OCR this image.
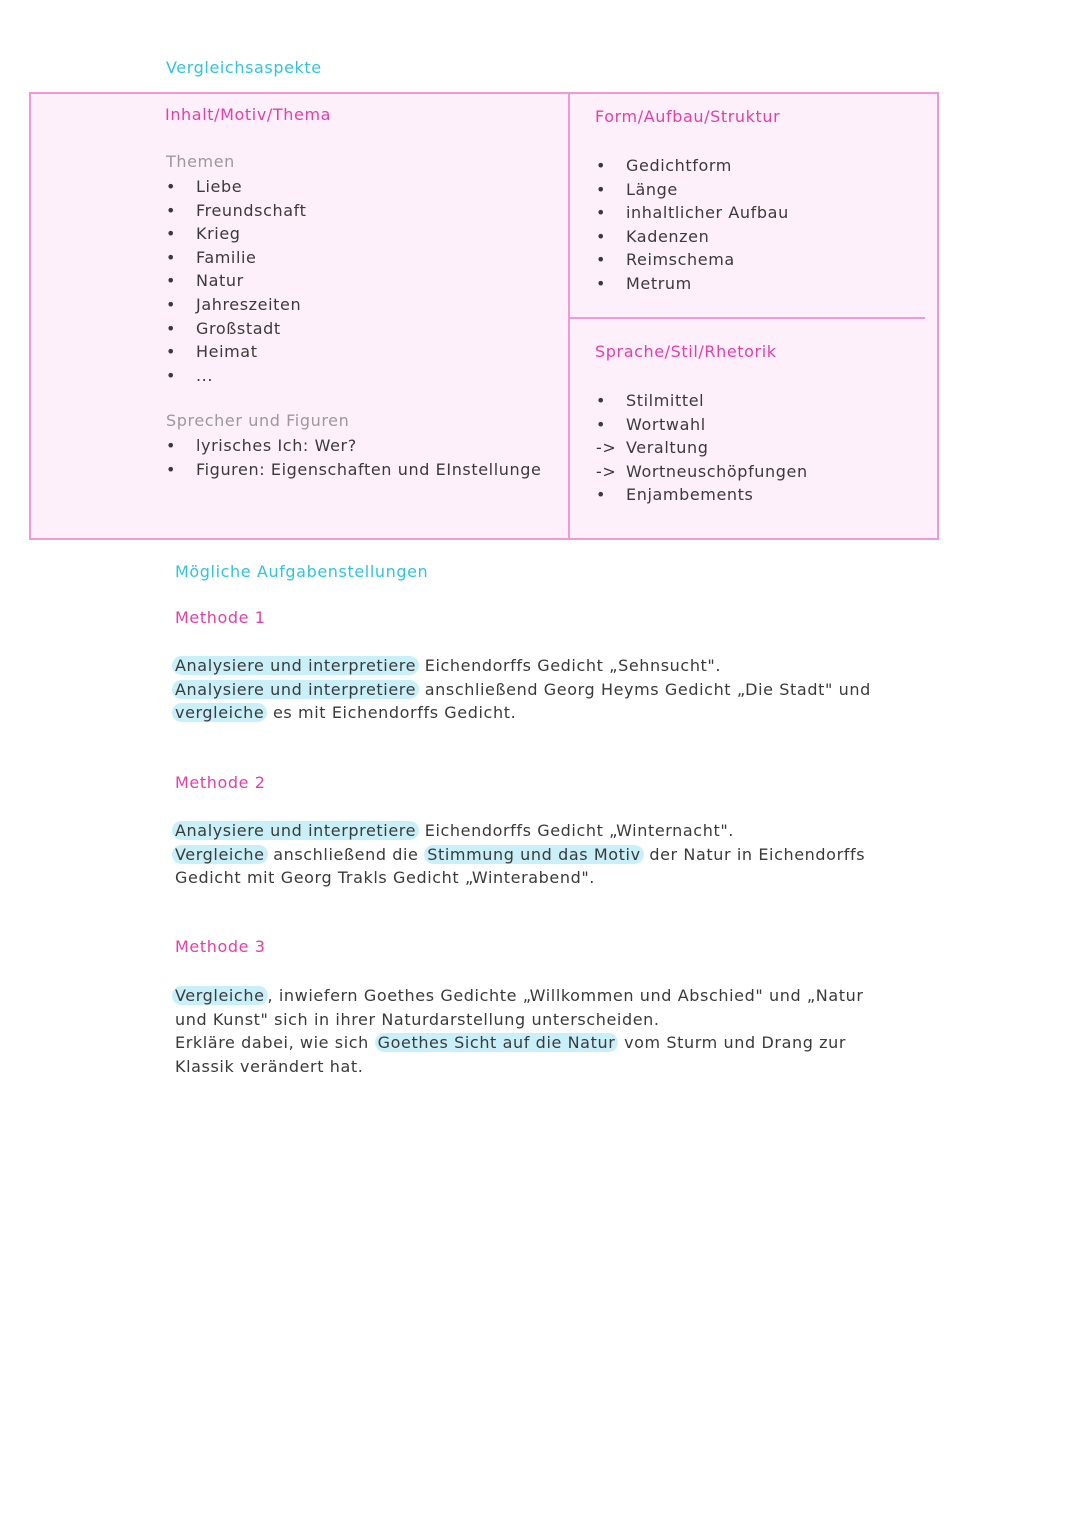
Vergleichsaspekte
Inhalt/Motiv/Thema
Themen
•	Liebe
•	Freundschaft
•	Krieg
•	Familie
•	Natur
•	Jahreszeiten
•	Großstadt
•	Heimat
•	...
Sprecher und Figuren
•	lyrisches Ich: Wer?
•	Figuren: Eigenschaften und EInstellunge
Form/Aufbau/Struktur
•	Gedichtform
•	Länge
•	inhaltlicher Aufbau
•	Kadenzen
•	Reimschema
•	Metrum
Sprache/Stil/Rhetorik
•	Stilmittel
•	Wortwahl
-> Veraltung
-> Wortneuschöpfungen
•	Enjambements
Mögliche Aufgabenstellungen
Methode 1

Analysiere und interpretiere Eichendorffs Gedicht „Sehnsucht".

Analysiere und interpretiere anschließend Georg Heyms Gedicht „Die Stadt" und

vergleiche es mit Eichendorffs Gedicht.

Methode 2

Analysiere und interpretiere Eichendorffs Gedicht „Winternacht".

Vergleiche anschließend die Stimmung und das Motiv der Natur in Eichendorffs

Gedicht mit Georg Trakls Gedicht „Winterabend".

Methode 3

Vergleiche , inwiefern Goethes Gedichte „Willkommen und Abschied" und „Natur

und Kunst" sich in ihrer Naturdarstellung unterscheiden.

Erkläre dabei, wie sich Goethes Sicht auf die Natur vom Sturm und Drang zur

Klassik verändert hat.
